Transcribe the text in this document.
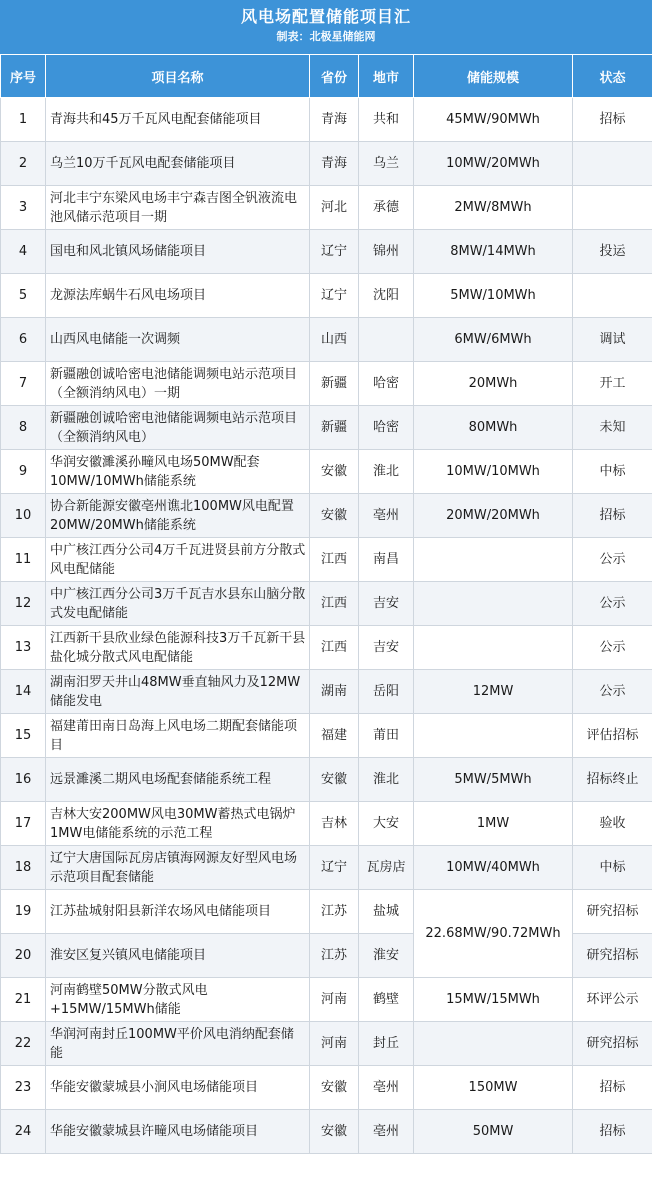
风电场配置储能项目汇
制表：北极星储能网
序号	项目名称	省份	地市	储能规模	状态
1	青海共和45万千瓦风电配套储能项目	青海	共和	45MW/90MWh	招标
2	乌兰10万千瓦风电配套储能项目	青海	乌兰	10MW/20MWh	
3	河北丰宁东梁风电场丰宁森吉图全钒液流电池风储示范项目一期	河北	承德	2MW/8MWh	
4	国电和风北镇风场储能项目	辽宁	锦州	8MW/14MWh	投运
5	龙源法库蜗牛石风电场项目	辽宁	沈阳	5MW/10MWh	
6	山西风电储能一次调频	山西		6MW/6MWh	调试
7	新疆融创诚哈密电池储能调频电站示范项目（全额消纳风电）一期	新疆	哈密	20MWh	开工
8	新疆融创诚哈密电池储能调频电站示范项目（全额消纳风电）	新疆	哈密	80MWh	未知
9	华润安徽濉溪孙疃风电场50MW配套10MW/10MWh储能系统	安徽	淮北	10MW/10MWh	中标
10	协合新能源安徽亳州谯北100MW风电配置20MW/20MWh储能系统	安徽	亳州	20MW/20MWh	招标
11	中广核江西分公司4万千瓦进贤县前方分散式风电配储能	江西	南昌		公示
12	中广核江西分公司3万千瓦吉水县东山脑分散式发电配储能	江西	吉安		公示
13	江西新干县欣业绿色能源科技3万千瓦新干县盐化城分散式风电配储能	江西	吉安		公示
14	湖南汨罗天井山48MW垂直轴风力及12MW储能发电	湖南	岳阳	12MW	公示
15	福建莆田南日岛海上风电场二期配套储能项目	福建	莆田		评估招标
16	远景濉溪二期风电场配套储能系统工程	安徽	淮北	5MW/5MWh	招标终止
17	吉林大安200MW风电30MW蓄热式电锅炉1MW电储能系统的示范工程	吉林	大安	1MW	验收
18	辽宁大唐国际瓦房店镇海网源友好型风电场示范项目配套储能	辽宁	瓦房店	10MW/40MWh	中标
19	江苏盐城射阳县新洋农场风电储能项目	江苏	盐城	22.68MW/90.72MWh	研究招标
20	淮安区复兴镇风电储能项目	江苏	淮安		研究招标
21	河南鹤壁50MW分散式风电+15MW/15MWh储能	河南	鹤壁	15MW/15MWh	环评公示
22	华润河南封丘100MW平价风电消纳配套储能	河南	封丘		研究招标
23	华能安徽蒙城县小涧风电场储能项目	安徽	亳州	150MW	招标
24	华能安徽蒙城县许疃风电场储能项目	安徽	亳州	50MW	招标
